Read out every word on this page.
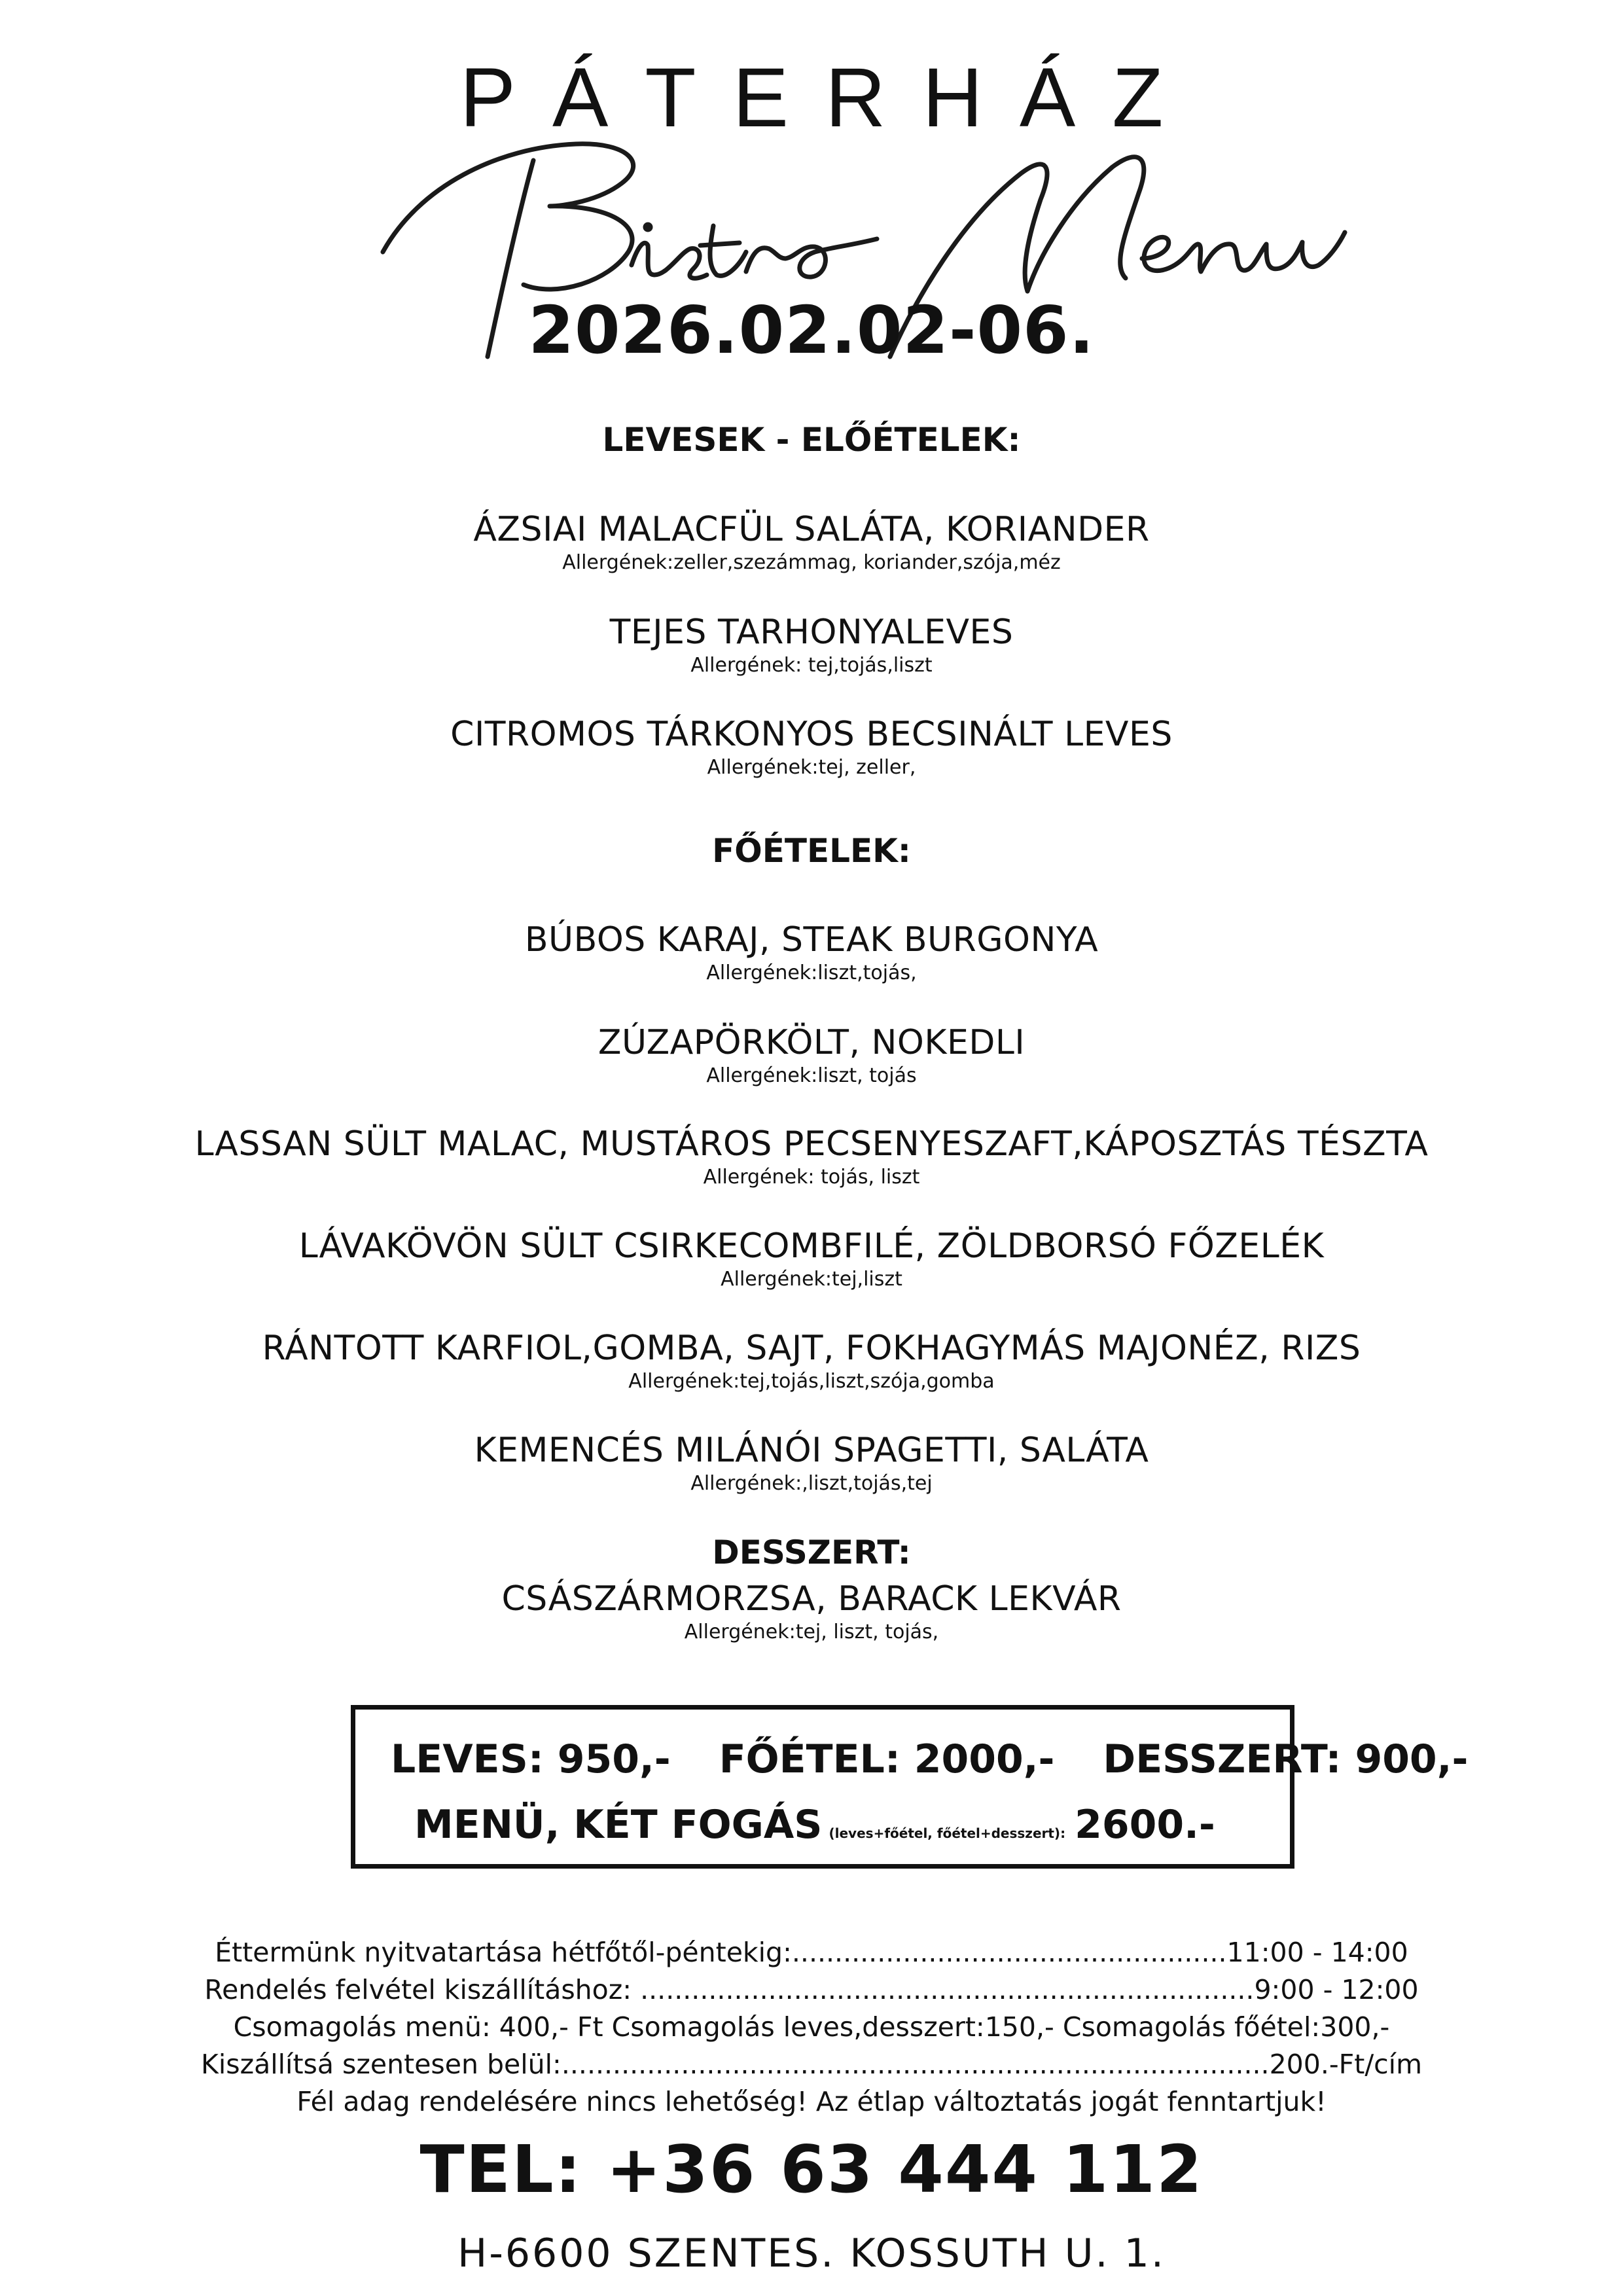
PÁTERHÁZ
2026.02.02-06.
LEVESEK - ELŐÉTELEK:
ÁZSIAI MALACFÜL SALÁTA, KORIANDER
Allergének:zeller,szezámmag, koriander,szója,méz
TEJES TARHONYALEVES
Allergének: tej,tojás,liszt
CITROMOS TÁRKONYOS BECSINÁLT LEVES
Allergének:tej, zeller,
FŐÉTELEK:
BÚBOS KARAJ, STEAK BURGONYA
Allergének:liszt,tojás,
ZÚZAPÖRKÖLT, NOKEDLI
Allergének:liszt, tojás
LASSAN SÜLT MALAC, MUSTÁROS PECSENYESZAFT,KÁPOSZTÁS TÉSZTA
Allergének: tojás, liszt
LÁVAKÖVÖN SÜLT CSIRKECOMBFILÉ, ZÖLDBORSÓ FŐZELÉK
Allergének:tej,liszt
RÁNTOTT KARFIOL,GOMBA, SAJT, FOKHAGYMÁS MAJONÉZ, RIZS
Allergének:tej,tojás,liszt,szója,gomba
KEMENCÉS MILÁNÓI SPAGETTI, SALÁTA
Allergének:,liszt,tojás,tej
DESSZERT:
CSÁSZÁRMORZSA, BARACK LEKVÁR
Allergének:tej, liszt, tojás,
LEVES: 950,- FŐÉTEL: 2000,- DESSZERT: 900,-
MENÜ, KÉT FOGÁS (leves+főétel, főétel+desszert): 2600.-
Éttermünk nyitvatartása hétfőtől-péntekig:...................................................11:00 - 14:00
Rendelés felvétel kiszállításhoz: ........................................................................9:00 - 12:00
Csomagolás menü: 400,- Ft Csomagolás leves,desszert:150,- Csomagolás főétel:300,-
Kiszállítsá szentesen belül:...................................................................................200.-Ft/cím
Fél adag rendelésére nincs lehetőség! Az étlap változtatás jogát fenntartjuk!
TEL: +36 63 444 112
H-6600 SZENTES. KOSSUTH U. 1.
